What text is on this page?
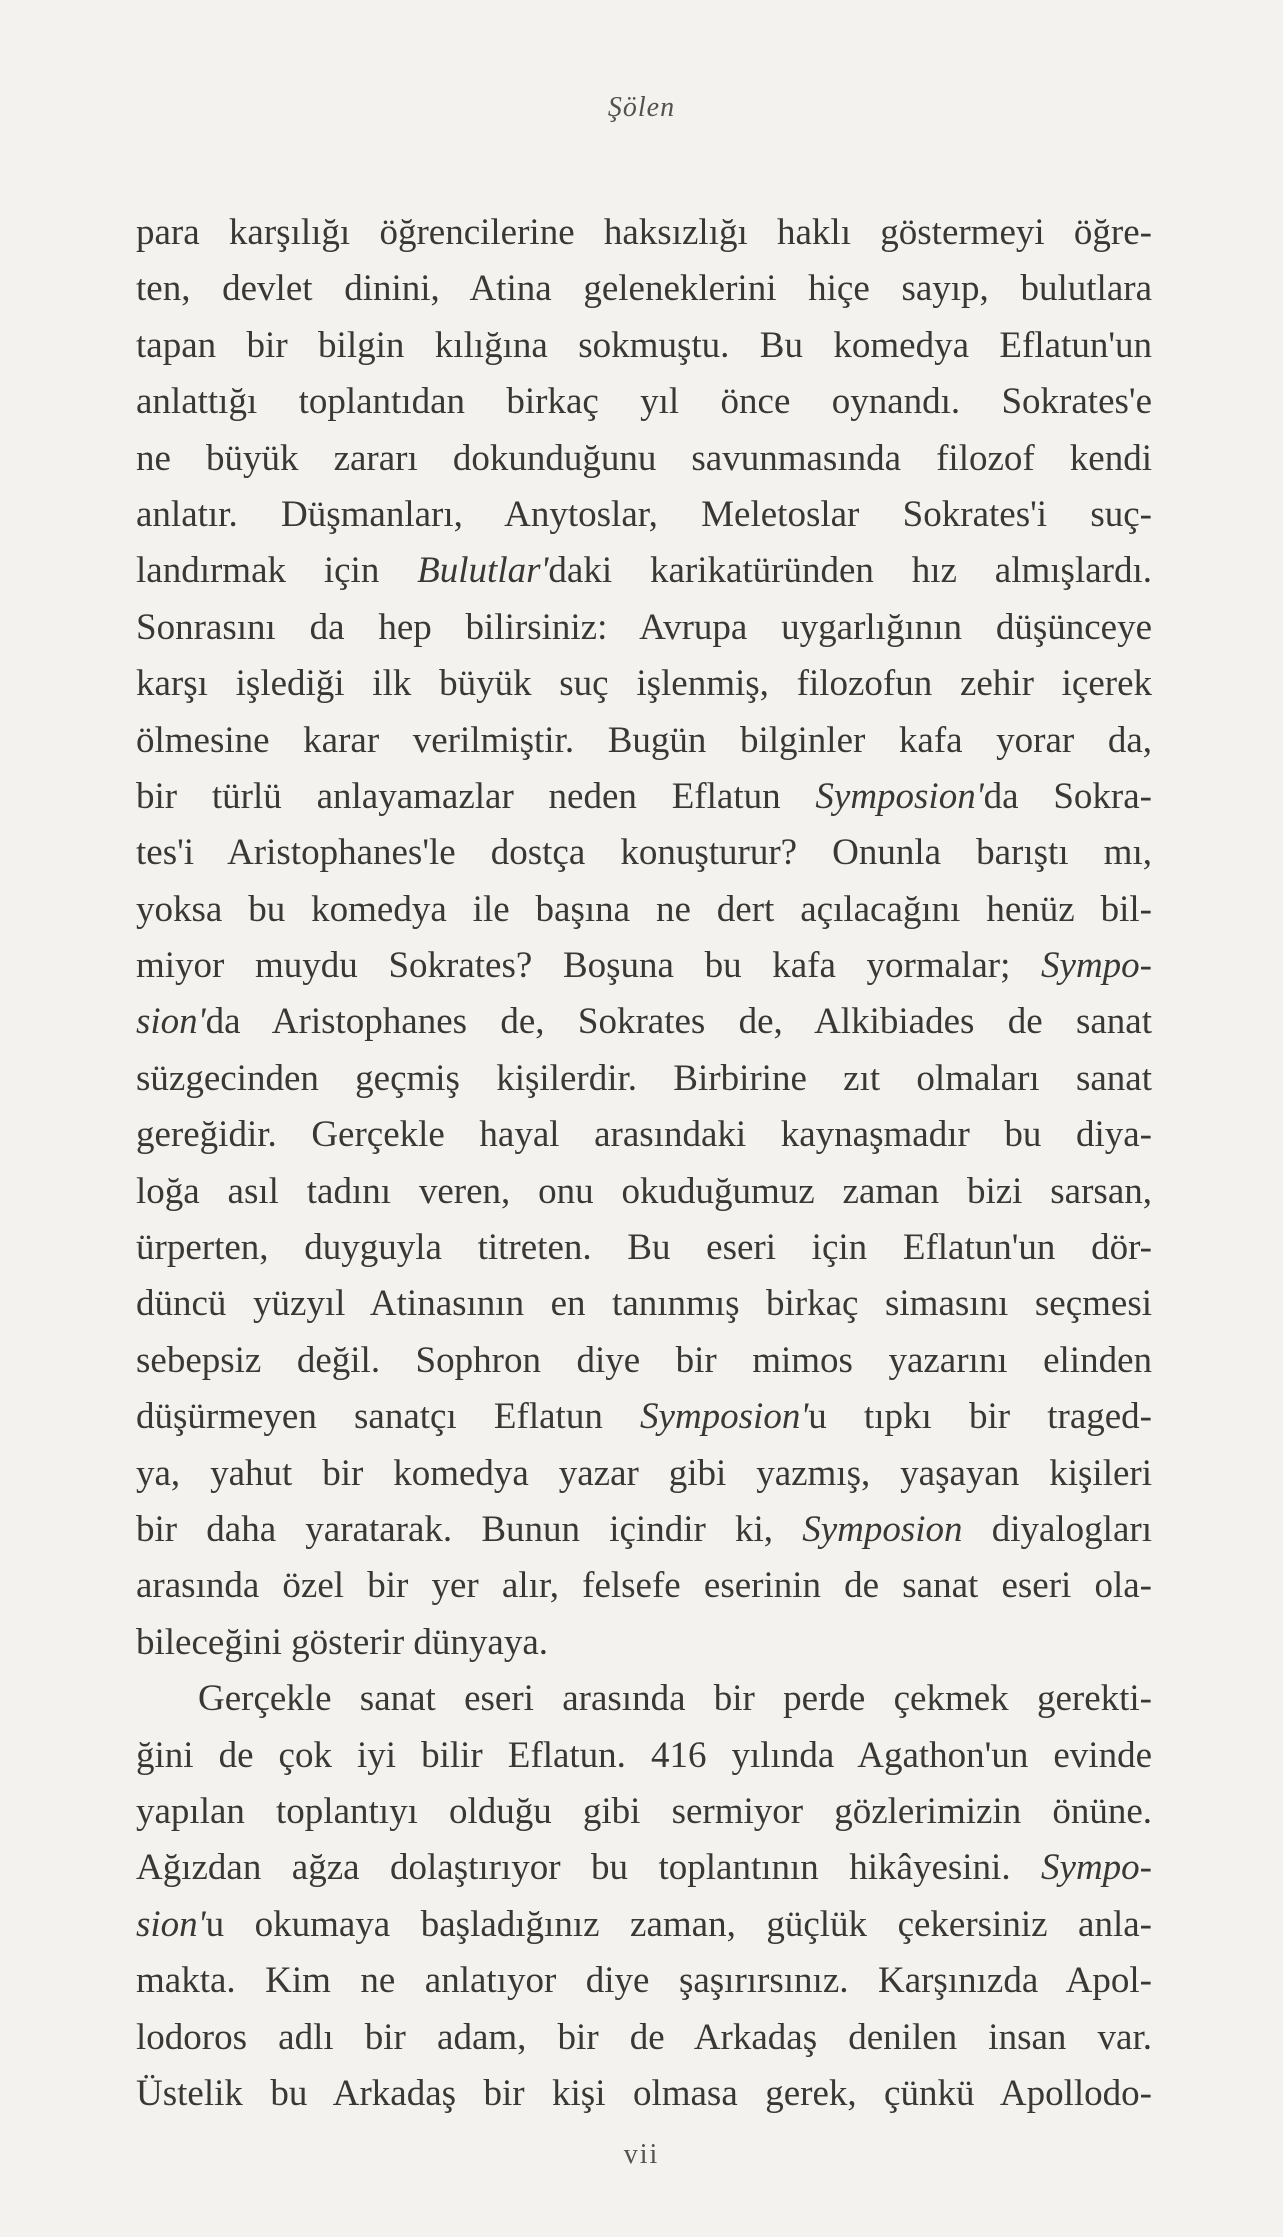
Şölen
para karşılığı öğrencilerine haksızlığı haklı göstermeyi öğre-
ten, devlet dinini, Atina geleneklerini hiçe sayıp, bulutlara
tapan bir bilgin kılığına sokmuştu. Bu komedya Eflatun'un
anlattığı toplantıdan birkaç yıl önce oynandı. Sokrates'e
ne büyük zararı dokunduğunu savunmasında filozof kendi
anlatır. Düşmanları, Anytoslar, Meletoslar Sokrates'i suç-
landırmak için Bulutlar'daki karikatüründen hız almışlardı.
Sonrasını da hep bilirsiniz: Avrupa uygarlığının düşünceye
karşı işlediği ilk büyük suç işlenmiş, filozofun zehir içerek
ölmesine karar verilmiştir. Bugün bilginler kafa yorar da,
bir türlü anlayamazlar neden Eflatun Symposion'da Sokra-
tes'i Aristophanes'le dostça konuşturur? Onunla barıştı mı,
yoksa bu komedya ile başına ne dert açılacağını henüz bil-
miyor muydu Sokrates? Boşuna bu kafa yormalar; Sympo-
sion'da Aristophanes de, Sokrates de, Alkibiades de sanat
süzgecinden geçmiş kişilerdir. Birbirine zıt olmaları sanat
gereğidir. Gerçekle hayal arasındaki kaynaşmadır bu diya-
loğa asıl tadını veren, onu okuduğumuz zaman bizi sarsan,
ürperten, duyguyla titreten. Bu eseri için Eflatun'un dör-
düncü yüzyıl Atinasının en tanınmış birkaç simasını seçmesi
sebepsiz değil. Sophron diye bir mimos yazarını elinden
düşürmeyen sanatçı Eflatun Symposion'u tıpkı bir traged-
ya, yahut bir komedya yazar gibi yazmış, yaşayan kişileri
bir daha yaratarak. Bunun içindir ki, Symposion diyalogları
arasında özel bir yer alır, felsefe eserinin de sanat eseri ola-
bileceğini gösterir dünyaya.
Gerçekle sanat eseri arasında bir perde çekmek gerekti-
ğini de çok iyi bilir Eflatun. 416 yılında Agathon'un evinde
yapılan toplantıyı olduğu gibi sermiyor gözlerimizin önüne.
Ağızdan ağza dolaştırıyor bu toplantının hikâyesini. Sympo-
sion'u okumaya başladığınız zaman, güçlük çekersiniz anla-
makta. Kim ne anlatıyor diye şaşırırsınız. Karşınızda Apol-
lodoros adlı bir adam, bir de Arkadaş denilen insan var.
Üstelik bu Arkadaş bir kişi olmasa gerek, çünkü Apollodo-
vii
